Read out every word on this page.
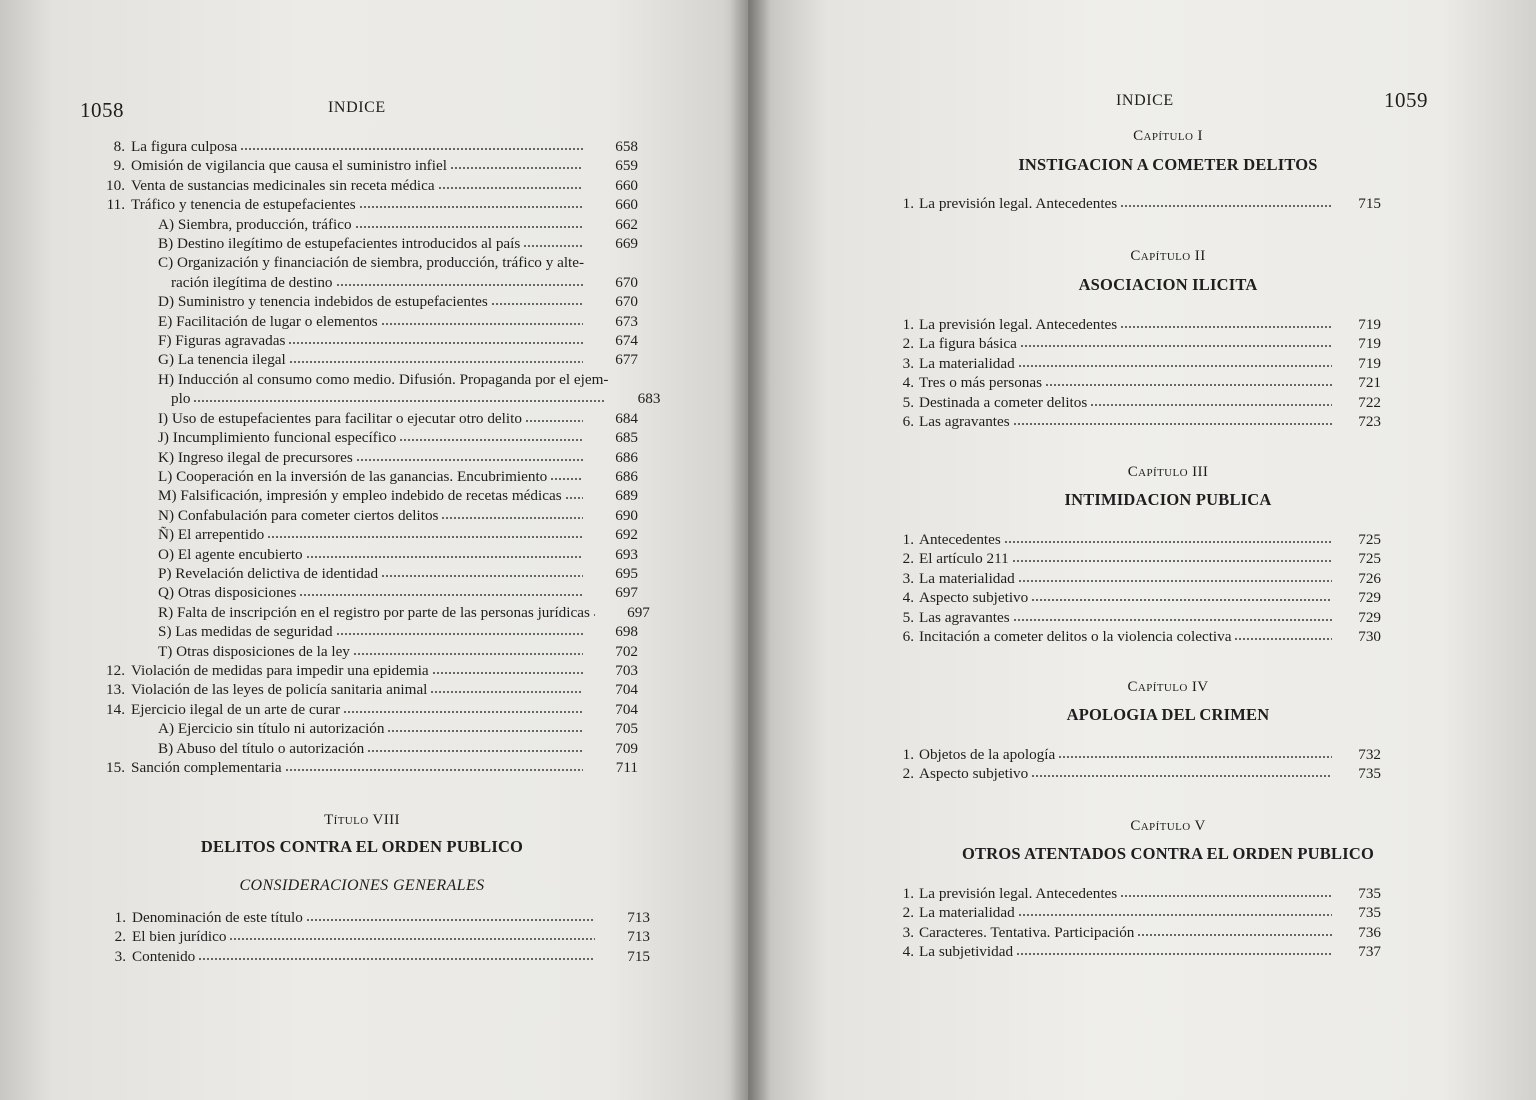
1058	INDICE
8. La figura culposa	658
9. Omisión de vigilancia que causa el suministro infiel	659
10. Venta de sustancias medicinales sin receta médica	660
11. Tráfico y tenencia de estupefacientes	660
A) Siembra, producción, tráfico	662
B) Destino ilegítimo de estupefacientes introducidos al país	669
C) Organización y financiación de siembra, producción, tráfico y alte-
ración ilegítima de destino	670
D) Suministro y tenencia indebidos de estupefacientes	670
E) Facilitación de lugar o elementos	673
F) Figuras agravadas	674
G) La tenencia ilegal	677
H) Inducción al consumo como medio. Difusión. Propaganda por el ejem-
plo	683
I) Uso de estupefacientes para facilitar o ejecutar otro delito	684
J) Incumplimiento funcional específico	685
K) Ingreso ilegal de precursores	686
L) Cooperación en la inversión de las ganancias. Encubrimiento	686
M) Falsificación, impresión y empleo indebido de recetas médicas	689
N) Confabulación para cometer ciertos delitos	690
Ñ) El arrepentido	692
O) El agente encubierto	693
P) Revelación delictiva de identidad	695
Q) Otras disposiciones	697
R) Falta de inscripción en el registro por parte de las personas jurídicas	697
S) Las medidas de seguridad	698
T) Otras disposiciones de la ley	702
12. Violación de medidas para impedir una epidemia	703
13. Violación de las leyes de policía sanitaria animal	704
14. Ejercicio ilegal de un arte de curar	704
A) Ejercicio sin título ni autorización	705
B) Abuso del título o autorización	709
15. Sanción complementaria	711
Título VIII
DELITOS CONTRA EL ORDEN PUBLICO
CONSIDERACIONES GENERALES
1. Denominación de este título	713
2. El bien jurídico	713
3. Contenido	715
INDICE	1059
Capítulo I
INSTIGACION A COMETER DELITOS
1. La previsión legal. Antecedentes	715
Capítulo II
ASOCIACION ILICITA
1. La previsión legal. Antecedentes	719
2. La figura básica	719
3. La materialidad	719
4. Tres o más personas	721
5. Destinada a cometer delitos	722
6. Las agravantes	723
Capítulo III
INTIMIDACION PUBLICA
1. Antecedentes	725
2. El artículo 211	725
3. La materialidad	726
4. Aspecto subjetivo	729
5. Las agravantes	729
6. Incitación a cometer delitos o la violencia colectiva	730
Capítulo IV
APOLOGIA DEL CRIMEN
1. Objetos de la apología	732
2. Aspecto subjetivo	735
Capítulo V
OTROS ATENTADOS CONTRA EL ORDEN PUBLICO
1. La previsión legal. Antecedentes	735
2. La materialidad	735
3. Caracteres. Tentativa. Participación	736
4. La subjetividad	737
